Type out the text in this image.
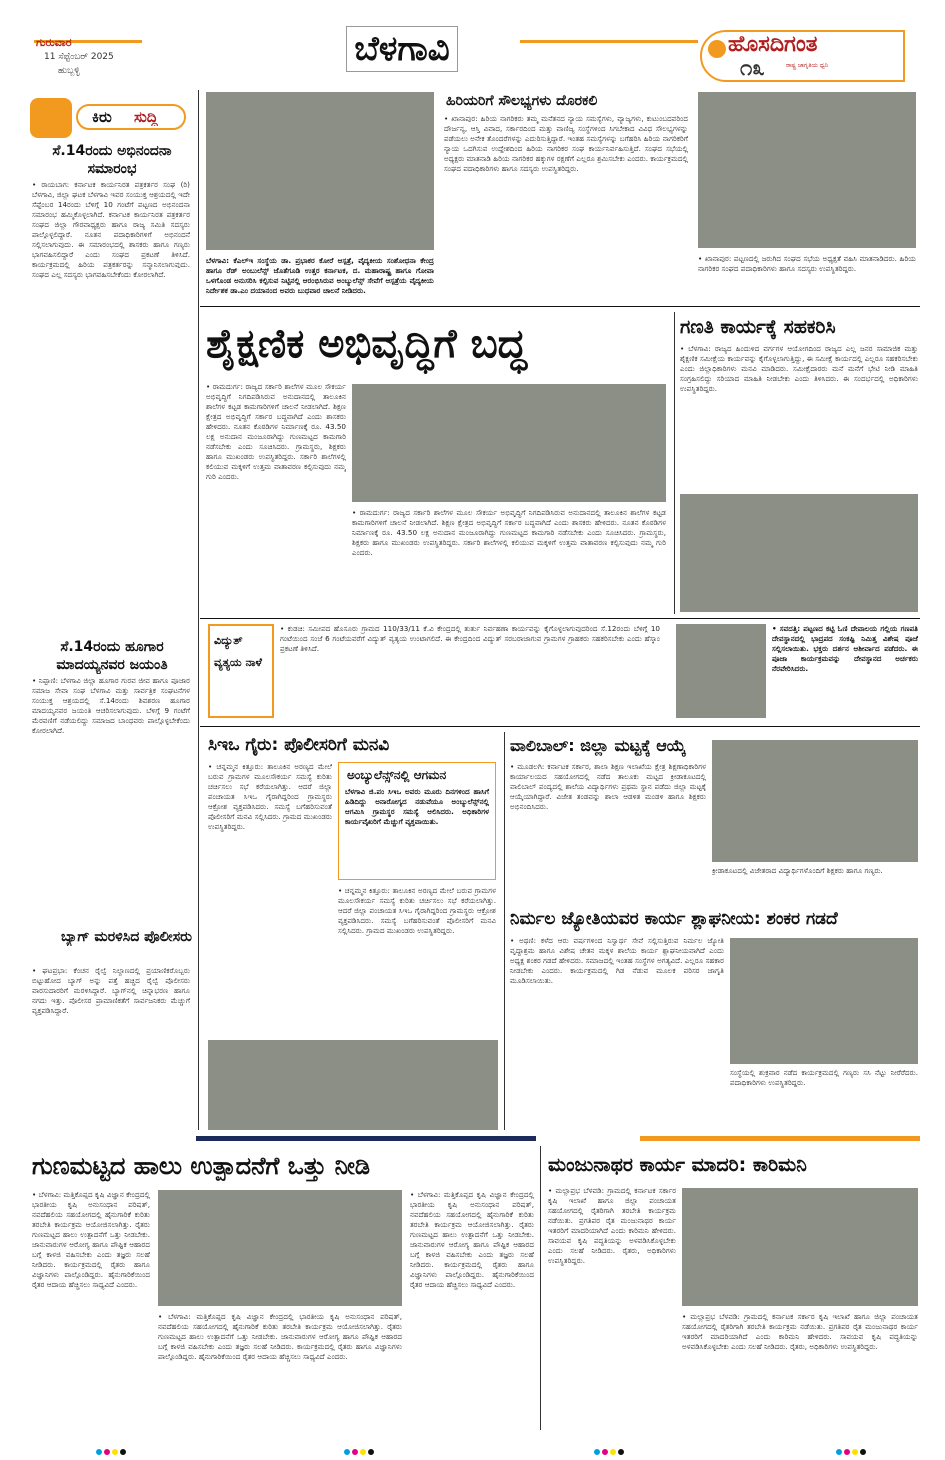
ಗುರುವಾರ
11 ಸೆಪ್ಟೆಂಬರ್ 2025
ಹುಬ್ಬಳ್ಳಿ
ಬೆಳಗಾವಿ	ಹೊಸದಿಗಂತ
ರಾಷ್ಟ್ರ ಜಾಗೃತಿಯ ಧ್ವನಿ
೧೩
ಕಿರು ಸುದ್ದಿ
ಸೆ.14ರಂದು ಅಭಿನಂದನಾ ಸಮಾರಂಭ
• ರಾಯಬಾಗ: ಕರ್ನಾಟಕ ಕಾರ್ಯನಿರತ ಪತ್ರಕರ್ತರ ಸಂಘ (ರಿ) ಬೆಳಗಾವಿ, ಜಿಲ್ಲಾ ಘಟಕ ಬೆಳಗಾವಿ ಇವರ ಸಂಯುಕ್ತ ಆಶ್ರಯದಲ್ಲಿ ಇದೇ ಸೆಪ್ಟೆಂಬರ 14ರಂದು ಬೆಳಿಗ್ಗೆ 10 ಗಂಟೆಗೆ ಪಟ್ಟಣದ ಅಭಿನಂದನಾ ಸಮಾರಂಭ ಹಮ್ಮಿಕೊಳ್ಳಲಾಗಿದೆ. ಕರ್ನಾಟಕ ಕಾರ್ಯನಿರತ ಪತ್ರಕರ್ತರ ಸಂಘದ ಜಿಲ್ಲಾ ಗೌರವಾಧ್ಯಕ್ಷರು ಹಾಗೂ ರಾಜ್ಯ ಸಮಿತಿ ಸದಸ್ಯರು ಪಾಲ್ಗೊಳ್ಳಲಿದ್ದಾರೆ. ನೂತನ ಪದಾಧಿಕಾರಿಗಳಿಗೆ ಅಭಿನಂದನೆ ಸಲ್ಲಿಸಲಾಗುವುದು. ಈ ಸಮಾರಂಭದಲ್ಲಿ ಶಾಸಕರು ಹಾಗೂ ಗಣ್ಯರು ಭಾಗವಹಿಸಲಿದ್ದಾರೆ ಎಂದು ಸಂಘದ ಪ್ರಕಟಣೆ ತಿಳಿಸಿದೆ. ಕಾರ್ಯಕ್ರಮದಲ್ಲಿ ಹಿರಿಯ ಪತ್ರಕರ್ತರನ್ನು ಸನ್ಮಾನಿಸಲಾಗುವುದು. ಸಂಘದ ಎಲ್ಲ ಸದಸ್ಯರು ಭಾಗವಹಿಸಬೇಕೆಂದು ಕೋರಲಾಗಿದೆ.
ಸೆ.14ರಂದು ಹೂಗಾರ ಮಾದಯ್ಯನವರ ಜಯಂತಿ
• ನಿಪ್ಪಾಣಿ: ಬೆಳಗಾವಿ ಜಿಲ್ಲಾ ಹೂಗಾರ ಗುರವ ಜೀವ ಹಾಗೂ ಪೂಜಾರ ಸಮಾಜ ಸೇವಾ ಸಂಘ ಬೆಳಗಾವಿ ಮತ್ತು ಸಾರ್ವತ್ರಿಕ ಸಂಘಟನೆಗಳ ಸಂಯುಕ್ತ ಆಶ್ರಯದಲ್ಲಿ ಸೆ.14ರಂದು ಶಿವಶರಣ ಹೂಗಾರ ಮಾದಯ್ಯನವರ ಜಯಂತಿ ಆಚರಿಸಲಾಗುವುದು. ಬೆಳಿಗ್ಗೆ 9 ಗಂಟೆಗೆ ಮೆರವಣಿಗೆ ನಡೆಯಲಿದ್ದು ಸಮಾಜದ ಬಾಂಧವರು ಪಾಲ್ಗೊಳ್ಳಬೇಕೆಂದು ಕೋರಲಾಗಿದೆ.
ಬ್ಯಾಗ್ ಮರಳಿಸಿದ ಪೊಲೀಸರು
• ಘಟಪ್ರಭಾ: ಕೆಂಚನ ರೈಲ್ವೆ ನಿಲ್ದಾಣದಲ್ಲಿ ಪ್ರಯಾಣಿಕರೊಬ್ಬರು ಬಿಟ್ಟುಹೋದ ಬ್ಯಾಗ್ ಅನ್ನು ಪತ್ತೆ ಹಚ್ಚಿದ ರೈಲ್ವೆ ಪೊಲೀಸರು ವಾರಸುದಾರರಿಗೆ ಮರಳಿಸಿದ್ದಾರೆ. ಬ್ಯಾಗ್‌ನಲ್ಲಿ ಚಿನ್ನಾಭರಣ ಹಾಗೂ ನಗದು ಇತ್ತು. ಪೊಲೀಸರ ಪ್ರಾಮಾಣಿಕತೆಗೆ ಸಾರ್ವಜನಿಕರು ಮೆಚ್ಚುಗೆ ವ್ಯಕ್ತಪಡಿಸಿದ್ದಾರೆ.
ಬೆಳಗಾವಿ: ಕೆಎಲ್‌ಇ ಸಂಸ್ಥೆಯ ಡಾ. ಪ್ರಭಾಕರ ಕೋರೆ ಆಸ್ಪತ್ರೆ, ವೈದ್ಯಕೀಯ ಸಂಶೋಧನಾ ಕೇಂದ್ರ ಹಾಗೂ ರೆಡ್ ಅಂಬುಲೆನ್ಸ್ ಜೊತೆಗೂಡಿ ಉತ್ತರ ಕರ್ನಾಟಕ, ದ. ಮಹಾರಾಷ್ಟ್ರ ಹಾಗೂ ಗೋವಾ ಒಳಗೊಂಡ ಅನುಸರಿಸಿ ಕಲ್ಪಿಸುವ ನಿಟ್ಟಿನಲ್ಲಿ ಆರಂಭಿಸಿರುವ ಅಂಬ್ಯುಲೆನ್ಸ್ ಸೇವೆಗೆ ಆಸ್ಪತ್ರೆಯ ವೈದ್ಯಕೀಯ ನಿರ್ದೇಶಕ ಡಾ.ಎಂ ದಯಾನಂದ ಅವರು ಬುಧವಾರ ಚಾಲನೆ ನೀಡಿದರು.
ಹಿರಿಯರಿಗೆ ಸೌಲಭ್ಯಗಳು ದೊರಕಲಿ
• ಖಾನಾಪುರ: ಹಿರಿಯ ನಾಗರಿಕರು ತಮ್ಮ ಮನೆತನದ ನ್ಯಾಯ ಸಮಸ್ಯೆಗಳು, ವ್ಯಾಜ್ಯಗಳು, ಕುಟುಂಬದವರಿಂದ ದೌರ್ಜನ್ಯ, ಆಸ್ತಿ ವಿವಾದ, ಸರ್ಕಾರದಿಂದ ಮತ್ತು ವಾಣಿಜ್ಯ ಸಂಸ್ಥೆಗಳಿಂದ ಸಿಗಬೇಕಾದ ವಿವಿಧ ಸೌಲಭ್ಯಗಳನ್ನು ಪಡೆಯಲು ಅನೇಕ ತೊಂದರೆಗಳನ್ನು ಎದುರಿಸುತ್ತಿದ್ದಾರೆ. ಇಂತಹ ಸಮಸ್ಯೆಗಳನ್ನು ಬಗೆಹರಿಸಿ ಹಿರಿಯ ನಾಗರಿಕರಿಗೆ ನ್ಯಾಯ ಒದಗಿಸುವ ಉದ್ದೇಶದಿಂದ ಹಿರಿಯ ನಾಗರಿಕರ ಸಂಘ ಕಾರ್ಯನಿರ್ವಹಿಸುತ್ತಿದೆ. ಸಂಘದ ಸಭೆಯಲ್ಲಿ ಅಧ್ಯಕ್ಷರು ಮಾತನಾಡಿ ಹಿರಿಯ ನಾಗರಿಕರ ಹಕ್ಕುಗಳ ರಕ್ಷಣೆಗೆ ಎಲ್ಲರೂ ಶ್ರಮಿಸಬೇಕು ಎಂದರು. ಕಾರ್ಯಕ್ರಮದಲ್ಲಿ ಸಂಘದ ಪದಾಧಿಕಾರಿಗಳು ಹಾಗೂ ಸದಸ್ಯರು ಉಪಸ್ಥಿತರಿದ್ದರು.
• ಖಾನಾಪುರ: ಪಟ್ಟಣದಲ್ಲಿ ಜರುಗಿದ ಸಂಘದ ಸಭೆಯ ಅಧ್ಯಕ್ಷತೆ ವಹಿಸಿ ಮಾತನಾಡಿದರು. ಹಿರಿಯ ನಾಗರಿಕರ ಸಂಘದ ಪದಾಧಿಕಾರಿಗಳು ಹಾಗೂ ಸದಸ್ಯರು ಉಪಸ್ಥಿತರಿದ್ದರು.
ಶೈಕ್ಷಣಿಕ ಅಭಿವೃದ್ಧಿಗೆ ಬದ್ಧ
• ರಾಮದುರ್ಗ: ರಾಜ್ಯದ ಸರ್ಕಾರಿ ಶಾಲೆಗಳ ಮೂಲ ಸೌಕರ್ಯ ಅಭಿವೃದ್ಧಿಗೆ ನಿಗದಿಪಡಿಸಿರುವ ಅನುದಾನದಲ್ಲಿ ತಾಲೂಕಿನ ಶಾಲೆಗಳ ಕಟ್ಟಡ ಕಾಮಗಾರಿಗಳಿಗೆ ಚಾಲನೆ ನೀಡಲಾಗಿದೆ. ಶಿಕ್ಷಣ ಕ್ಷೇತ್ರದ ಅಭಿವೃದ್ಧಿಗೆ ಸರ್ಕಾರ ಬದ್ಧವಾಗಿದೆ ಎಂದು ಶಾಸಕರು ಹೇಳಿದರು. ನೂತನ ಕೊಠಡಿಗಳ ನಿರ್ಮಾಣಕ್ಕೆ ರೂ. 43.50 ಲಕ್ಷ ಅನುದಾನ ಮಂಜೂರಾಗಿದ್ದು ಗುಣಮಟ್ಟದ ಕಾಮಗಾರಿ ನಡೆಸಬೇಕು ಎಂದು ಸೂಚಿಸಿದರು. ಗ್ರಾಮಸ್ಥರು, ಶಿಕ್ಷಕರು ಹಾಗೂ ಮುಖಂಡರು ಉಪಸ್ಥಿತರಿದ್ದರು. ಸರ್ಕಾರಿ ಶಾಲೆಗಳಲ್ಲಿ ಕಲಿಯುವ ಮಕ್ಕಳಿಗೆ ಉತ್ತಮ ವಾತಾವರಣ ಕಲ್ಪಿಸುವುದು ನಮ್ಮ ಗುರಿ ಎಂದರು.
• ರಾಮದುರ್ಗ: ರಾಜ್ಯದ ಸರ್ಕಾರಿ ಶಾಲೆಗಳ ಮೂಲ ಸೌಕರ್ಯ ಅಭಿವೃದ್ಧಿಗೆ ನಿಗದಿಪಡಿಸಿರುವ ಅನುದಾನದಲ್ಲಿ ತಾಲೂಕಿನ ಶಾಲೆಗಳ ಕಟ್ಟಡ ಕಾಮಗಾರಿಗಳಿಗೆ ಚಾಲನೆ ನೀಡಲಾಗಿದೆ. ಶಿಕ್ಷಣ ಕ್ಷೇತ್ರದ ಅಭಿವೃದ್ಧಿಗೆ ಸರ್ಕಾರ ಬದ್ಧವಾಗಿದೆ ಎಂದು ಶಾಸಕರು ಹೇಳಿದರು. ನೂತನ ಕೊಠಡಿಗಳ ನಿರ್ಮಾಣಕ್ಕೆ ರೂ. 43.50 ಲಕ್ಷ ಅನುದಾನ ಮಂಜೂರಾಗಿದ್ದು ಗುಣಮಟ್ಟದ ಕಾಮಗಾರಿ ನಡೆಸಬೇಕು ಎಂದು ಸೂಚಿಸಿದರು. ಗ್ರಾಮಸ್ಥರು, ಶಿಕ್ಷಕರು ಹಾಗೂ ಮುಖಂಡರು ಉಪಸ್ಥಿತರಿದ್ದರು. ಸರ್ಕಾರಿ ಶಾಲೆಗಳಲ್ಲಿ ಕಲಿಯುವ ಮಕ್ಕಳಿಗೆ ಉತ್ತಮ ವಾತಾವರಣ ಕಲ್ಪಿಸುವುದು ನಮ್ಮ ಗುರಿ ಎಂದರು.
ಗಣತಿ ಕಾರ್ಯಕ್ಕೆ ಸಹಕರಿಸಿ
• ಬೆಳಗಾವಿ: ರಾಜ್ಯದ ಹಿಂದುಳಿದ ವರ್ಗಗಳ ಆಯೋಗದಿಂದ ರಾಜ್ಯದ ಎಲ್ಲ ಜನರ ಸಾಮಾಜಿಕ ಮತ್ತು ಶೈಕ್ಷಣಿಕ ಸಮೀಕ್ಷೆಯ ಕಾರ್ಯವನ್ನು ಕೈಗೊಳ್ಳಲಾಗುತ್ತಿದ್ದು, ಈ ಸಮೀಕ್ಷೆ ಕಾರ್ಯದಲ್ಲಿ ಎಲ್ಲರೂ ಸಹಕರಿಸಬೇಕು ಎಂದು ಜಿಲ್ಲಾಧಿಕಾರಿಗಳು ಮನವಿ ಮಾಡಿದರು. ಸಮೀಕ್ಷೆದಾರರು ಮನೆ ಮನೆಗೆ ಭೇಟಿ ನೀಡಿ ಮಾಹಿತಿ ಸಂಗ್ರಹಿಸಲಿದ್ದು ಸರಿಯಾದ ಮಾಹಿತಿ ನೀಡಬೇಕು ಎಂದು ತಿಳಿಸಿದರು. ಈ ಸಂದರ್ಭದಲ್ಲಿ ಅಧಿಕಾರಿಗಳು ಉಪಸ್ಥಿತರಿದ್ದರು.
ವಿದ್ಯುತ್ ವ್ಯತ್ಯಯ ನಾಳೆ
• ಕುಡಚಿ: ಸಮೀಪದ ಹೊಸೂರು ಗ್ರಾಮದ 110/33/11 ಕೆ.ವಿ ಕೇಂದ್ರದಲ್ಲಿ ತುರ್ತು ನಿರ್ವಹಣಾ ಕಾರ್ಯವನ್ನು ಕೈಗೊಳ್ಳಲಾಗುವುದರಿಂದ ಸೆ.12ರಂದು ಬೆಳಿಗ್ಗೆ 10 ಗಂಟೆಯಿಂದ ಸಂಜೆ 6 ಗಂಟೆಯವರೆಗೆ ವಿದ್ಯುತ್ ವ್ಯತ್ಯಯ ಉಂಟಾಗಲಿದೆ. ಈ ಕೇಂದ್ರದಿಂದ ವಿದ್ಯುತ್ ಸರಬರಾಜಾಗುವ ಗ್ರಾಮಗಳ ಗ್ರಾಹಕರು ಸಹಕರಿಸಬೇಕು ಎಂದು ಹೆಸ್ಕಾಂ ಪ್ರಕಟಣೆ ತಿಳಿಸಿದೆ.
• ಸವದತ್ತಿ: ಪಟ್ಟಣದ ಕಟ್ಟಿ ಓಣಿ ದೇವಾಲಯ ಗಲ್ಲಿಯ ಗಣಪತಿ ದೇವಸ್ಥಾನದಲ್ಲಿ ಭಾದ್ರಪದ ಸಂಕಷ್ಟಿ ನಿಮಿತ್ತ ವಿಶೇಷ ಪೂಜೆ ಸಲ್ಲಿಸಲಾಯಿತು. ಭಕ್ತರು ದರ್ಶನ ಆಶೀರ್ವಾದ ಪಡೆದರು. ಈ ಪೂಜಾ ಕಾರ್ಯಕ್ರಮವನ್ನು ದೇವಸ್ಥಾನದ ಅರ್ಚಕರು ನೆರವೇರಿಸಿದರು.
ಸಿಇಒ ಗೈರು: ಪೊಲೀಸರಿಗೆ ಮನವಿ
• ಚನ್ನಮ್ಮನ ಕಿತ್ತೂರು: ತಾಲೂಕಿನ ಅರಣ್ಯದ ಮೇಲೆ ಬರುವ ಗ್ರಾಮಗಳ ಮೂಲಸೌಕರ್ಯ ಸಮಸ್ಯೆ ಕುರಿತು ಚರ್ಚಿಸಲು ಸಭೆ ಕರೆಯಲಾಗಿತ್ತು. ಆದರೆ ಜಿಲ್ಲಾ ಪಂಚಾಯತ ಸಿಇಒ ಗೈರಾಗಿದ್ದರಿಂದ ಗ್ರಾಮಸ್ಥರು ಆಕ್ರೋಶ ವ್ಯಕ್ತಪಡಿಸಿದರು. ಸಮಸ್ಯೆ ಬಗೆಹರಿಸುವಂತೆ ಪೊಲೀಸರಿಗೆ ಮನವಿ ಸಲ್ಲಿಸಿದರು. ಗ್ರಾಮದ ಮುಖಂಡರು ಉಪಸ್ಥಿತರಿದ್ದರು.
ಅಂಬ್ಯುಲೆನ್ಸ್‌ನಲ್ಲಿ ಆಗಮನ
ಬೆಳಗಾವಿ ಜಿ.ಪಂ ಸಿಇಒ ಅವರು ಮೂರು ದಿನಗಳಿಂದ ಹಾಸಿಗೆ ಹಿಡಿದಿದ್ದು ಅನಾರೋಗ್ಯದ ನಡುವೆಯೂ ಅಂಬ್ಯುಲೆನ್ಸ್‌ನಲ್ಲಿ ಆಗಮಿಸಿ ಗ್ರಾಮಸ್ಥರ ಸಮಸ್ಯೆ ಆಲಿಸಿದರು. ಅಧಿಕಾರಿಗಳ ಕಾರ್ಯವೈಖರಿಗೆ ಮೆಚ್ಚುಗೆ ವ್ಯಕ್ತವಾಯಿತು.
• ಚನ್ನಮ್ಮನ ಕಿತ್ತೂರು: ತಾಲೂಕಿನ ಅರಣ್ಯದ ಮೇಲೆ ಬರುವ ಗ್ರಾಮಗಳ ಮೂಲಸೌಕರ್ಯ ಸಮಸ್ಯೆ ಕುರಿತು ಚರ್ಚಿಸಲು ಸಭೆ ಕರೆಯಲಾಗಿತ್ತು. ಆದರೆ ಜಿಲ್ಲಾ ಪಂಚಾಯತ ಸಿಇಒ ಗೈರಾಗಿದ್ದರಿಂದ ಗ್ರಾಮಸ್ಥರು ಆಕ್ರೋಶ ವ್ಯಕ್ತಪಡಿಸಿದರು. ಸಮಸ್ಯೆ ಬಗೆಹರಿಸುವಂತೆ ಪೊಲೀಸರಿಗೆ ಮನವಿ ಸಲ್ಲಿಸಿದರು. ಗ್ರಾಮದ ಮುಖಂಡರು ಉಪಸ್ಥಿತರಿದ್ದರು.
ವಾಲಿಬಾಲ್: ಜಿಲ್ಲಾ ಮಟ್ಟಕ್ಕೆ ಆಯ್ಕೆ
• ಮೂಡಲಗಿ: ಕರ್ನಾಟಕ ಸರ್ಕಾರ, ಶಾಲಾ ಶಿಕ್ಷಣ ಇಲಾಖೆಯ ಕ್ಷೇತ್ರ ಶಿಕ್ಷಣಾಧಿಕಾರಿಗಳ ಕಾರ್ಯಾಲಯದ ಸಹಯೋಗದಲ್ಲಿ ನಡೆದ ತಾಲೂಕು ಮಟ್ಟದ ಕ್ರೀಡಾಕೂಟದಲ್ಲಿ ವಾಲಿಬಾಲ್ ಪಂದ್ಯದಲ್ಲಿ ಶಾಲೆಯ ವಿದ್ಯಾರ್ಥಿಗಳು ಪ್ರಥಮ ಸ್ಥಾನ ಪಡೆದು ಜಿಲ್ಲಾ ಮಟ್ಟಕ್ಕೆ ಆಯ್ಕೆಯಾಗಿದ್ದಾರೆ. ವಿಜೇತ ತಂಡವನ್ನು ಶಾಲಾ ಆಡಳಿತ ಮಂಡಳಿ ಹಾಗೂ ಶಿಕ್ಷಕರು ಅಭಿನಂದಿಸಿದರು.
ಕ್ರೀಡಾಕೂಟದಲ್ಲಿ ವಿಜೇತರಾದ ವಿದ್ಯಾರ್ಥಿಗಳೊಂದಿಗೆ ಶಿಕ್ಷಕರು ಹಾಗೂ ಗಣ್ಯರು.
ನಿರ್ಮಲ ಜ್ಯೋತಿಯವರ ಕಾರ್ಯ ಶ್ಲಾಘನೀಯ: ಶಂಕರ ಗಡದೆ
• ಅಥಣಿ: ಕಳೆದ ಆರು ವರ್ಷಗಳಿಂದ ನಿಸ್ವಾರ್ಥ ಸೇವೆ ಸಲ್ಲಿಸುತ್ತಿರುವ ನಿರ್ಮಲ ಜ್ಯೋತಿ ವೃದ್ಧಾಶ್ರಮ ಹಾಗೂ ವಿಶೇಷ ಚೇತನ ಮಕ್ಕಳ ಶಾಲೆಯ ಕಾರ್ಯ ಶ್ಲಾಘನೀಯವಾಗಿದೆ ಎಂದು ಅಧ್ಯಕ್ಷ ಶಂಕರ ಗಡದೆ ಹೇಳಿದರು. ಸಮಾಜದಲ್ಲಿ ಇಂತಹ ಸಂಸ್ಥೆಗಳ ಅಗತ್ಯವಿದೆ. ಎಲ್ಲರೂ ಸಹಕಾರ ನೀಡಬೇಕು ಎಂದರು. ಕಾರ್ಯಕ್ರಮದಲ್ಲಿ ಗಿಡ ನೆಡುವ ಮೂಲಕ ಪರಿಸರ ಜಾಗೃತಿ ಮೂಡಿಸಲಾಯಿತು.
ಸಂಸ್ಥೆಯಲ್ಲಿ ಶುಕ್ರವಾರ ನಡೆದ ಕಾರ್ಯಕ್ರಮದಲ್ಲಿ ಗಣ್ಯರು ಸಸಿ ನೆಟ್ಟು ನೀರೆರೆದರು. ಪದಾಧಿಕಾರಿಗಳು ಉಪಸ್ಥಿತರಿದ್ದರು.
ಗುಣಮಟ್ಟದ ಹಾಲು ಉತ್ಪಾದನೆಗೆ ಒತ್ತು ನೀಡಿ
• ಬೆಳಗಾವಿ: ಮತ್ತಿಕೊಪ್ಪದ ಕೃಷಿ ವಿಜ್ಞಾನ ಕೇಂದ್ರದಲ್ಲಿ ಭಾರತೀಯ ಕೃಷಿ ಅನುಸಂಧಾನ ಪರಿಷತ್, ನವದೆಹಲಿಯ ಸಹಯೋಗದಲ್ಲಿ ಹೈನುಗಾರಿಕೆ ಕುರಿತು ತರಬೇತಿ ಕಾರ್ಯಕ್ರಮ ಆಯೋಜಿಸಲಾಗಿತ್ತು. ರೈತರು ಗುಣಮಟ್ಟದ ಹಾಲು ಉತ್ಪಾದನೆಗೆ ಒತ್ತು ನೀಡಬೇಕು. ಜಾನುವಾರುಗಳ ಆರೋಗ್ಯ ಹಾಗೂ ಪೌಷ್ಟಿಕ ಆಹಾರದ ಬಗ್ಗೆ ಕಾಳಜಿ ವಹಿಸಬೇಕು ಎಂದು ತಜ್ಞರು ಸಲಹೆ ನೀಡಿದರು. ಕಾರ್ಯಕ್ರಮದಲ್ಲಿ ರೈತರು ಹಾಗೂ ವಿಜ್ಞಾನಿಗಳು ಪಾಲ್ಗೊಂಡಿದ್ದರು. ಹೈನುಗಾರಿಕೆಯಿಂದ ರೈತರ ಆದಾಯ ಹೆಚ್ಚಿಸಲು ಸಾಧ್ಯವಿದೆ ಎಂದರು.
• ಬೆಳಗಾವಿ: ಮತ್ತಿಕೊಪ್ಪದ ಕೃಷಿ ವಿಜ್ಞಾನ ಕೇಂದ್ರದಲ್ಲಿ ಭಾರತೀಯ ಕೃಷಿ ಅನುಸಂಧಾನ ಪರಿಷತ್, ನವದೆಹಲಿಯ ಸಹಯೋಗದಲ್ಲಿ ಹೈನುಗಾರಿಕೆ ಕುರಿತು ತರಬೇತಿ ಕಾರ್ಯಕ್ರಮ ಆಯೋಜಿಸಲಾಗಿತ್ತು. ರೈತರು ಗುಣಮಟ್ಟದ ಹಾಲು ಉತ್ಪಾದನೆಗೆ ಒತ್ತು ನೀಡಬೇಕು. ಜಾನುವಾರುಗಳ ಆರೋಗ್ಯ ಹಾಗೂ ಪೌಷ್ಟಿಕ ಆಹಾರದ ಬಗ್ಗೆ ಕಾಳಜಿ ವಹಿಸಬೇಕು ಎಂದು ತಜ್ಞರು ಸಲಹೆ ನೀಡಿದರು. ಕಾರ್ಯಕ್ರಮದಲ್ಲಿ ರೈತರು ಹಾಗೂ ವಿಜ್ಞಾನಿಗಳು ಪಾಲ್ಗೊಂಡಿದ್ದರು. ಹೈನುಗಾರಿಕೆಯಿಂದ ರೈತರ ಆದಾಯ ಹೆಚ್ಚಿಸಲು ಸಾಧ್ಯವಿದೆ ಎಂದರು.
• ಬೆಳಗಾವಿ: ಮತ್ತಿಕೊಪ್ಪದ ಕೃಷಿ ವಿಜ್ಞಾನ ಕೇಂದ್ರದಲ್ಲಿ ಭಾರತೀಯ ಕೃಷಿ ಅನುಸಂಧಾನ ಪರಿಷತ್, ನವದೆಹಲಿಯ ಸಹಯೋಗದಲ್ಲಿ ಹೈನುಗಾರಿಕೆ ಕುರಿತು ತರಬೇತಿ ಕಾರ್ಯಕ್ರಮ ಆಯೋಜಿಸಲಾಗಿತ್ತು. ರೈತರು ಗುಣಮಟ್ಟದ ಹಾಲು ಉತ್ಪಾದನೆಗೆ ಒತ್ತು ನೀಡಬೇಕು. ಜಾನುವಾರುಗಳ ಆರೋಗ್ಯ ಹಾಗೂ ಪೌಷ್ಟಿಕ ಆಹಾರದ ಬಗ್ಗೆ ಕಾಳಜಿ ವಹಿಸಬೇಕು ಎಂದು ತಜ್ಞರು ಸಲಹೆ ನೀಡಿದರು. ಕಾರ್ಯಕ್ರಮದಲ್ಲಿ ರೈತರು ಹಾಗೂ ವಿಜ್ಞಾನಿಗಳು ಪಾಲ್ಗೊಂಡಿದ್ದರು. ಹೈನುಗಾರಿಕೆಯಿಂದ ರೈತರ ಆದಾಯ ಹೆಚ್ಚಿಸಲು ಸಾಧ್ಯವಿದೆ ಎಂದರು.
ಮಂಜುನಾಥರ ಕಾರ್ಯ ಮಾದರಿ: ಕಾರಿಮನಿ
• ಮಲ್ಲಾಪ್ರಭ ಬೆಳವಡಿ: ಗ್ರಾಮದಲ್ಲಿ ಕರ್ನಾಟಕ ಸರ್ಕಾರ ಕೃಷಿ ಇಲಾಖೆ ಹಾಗೂ ಜಿಲ್ಲಾ ಪಂಚಾಯತ ಸಹಯೋಗದಲ್ಲಿ ರೈತರಿಗಾಗಿ ತರಬೇತಿ ಕಾರ್ಯಕ್ರಮ ನಡೆಯಿತು. ಪ್ರಗತಿಪರ ರೈತ ಮಂಜುನಾಥರ ಕಾರ್ಯ ಇತರರಿಗೆ ಮಾದರಿಯಾಗಿದೆ ಎಂದು ಕಾರಿಮನಿ ಹೇಳಿದರು. ಸಾವಯವ ಕೃಷಿ ಪದ್ಧತಿಯನ್ನು ಅಳವಡಿಸಿಕೊಳ್ಳಬೇಕು ಎಂದು ಸಲಹೆ ನೀಡಿದರು. ರೈತರು, ಅಧಿಕಾರಿಗಳು ಉಪಸ್ಥಿತರಿದ್ದರು.
• ಮಲ್ಲಾಪ್ರಭ ಬೆಳವಡಿ: ಗ್ರಾಮದಲ್ಲಿ ಕರ್ನಾಟಕ ಸರ್ಕಾರ ಕೃಷಿ ಇಲಾಖೆ ಹಾಗೂ ಜಿಲ್ಲಾ ಪಂಚಾಯತ ಸಹಯೋಗದಲ್ಲಿ ರೈತರಿಗಾಗಿ ತರಬೇತಿ ಕಾರ್ಯಕ್ರಮ ನಡೆಯಿತು. ಪ್ರಗತಿಪರ ರೈತ ಮಂಜುನಾಥರ ಕಾರ್ಯ ಇತರರಿಗೆ ಮಾದರಿಯಾಗಿದೆ ಎಂದು ಕಾರಿಮನಿ ಹೇಳಿದರು. ಸಾವಯವ ಕೃಷಿ ಪದ್ಧತಿಯನ್ನು ಅಳವಡಿಸಿಕೊಳ್ಳಬೇಕು ಎಂದು ಸಲಹೆ ನೀಡಿದರು. ರೈತರು, ಅಧಿಕಾರಿಗಳು ಉಪಸ್ಥಿತರಿದ್ದರು.
